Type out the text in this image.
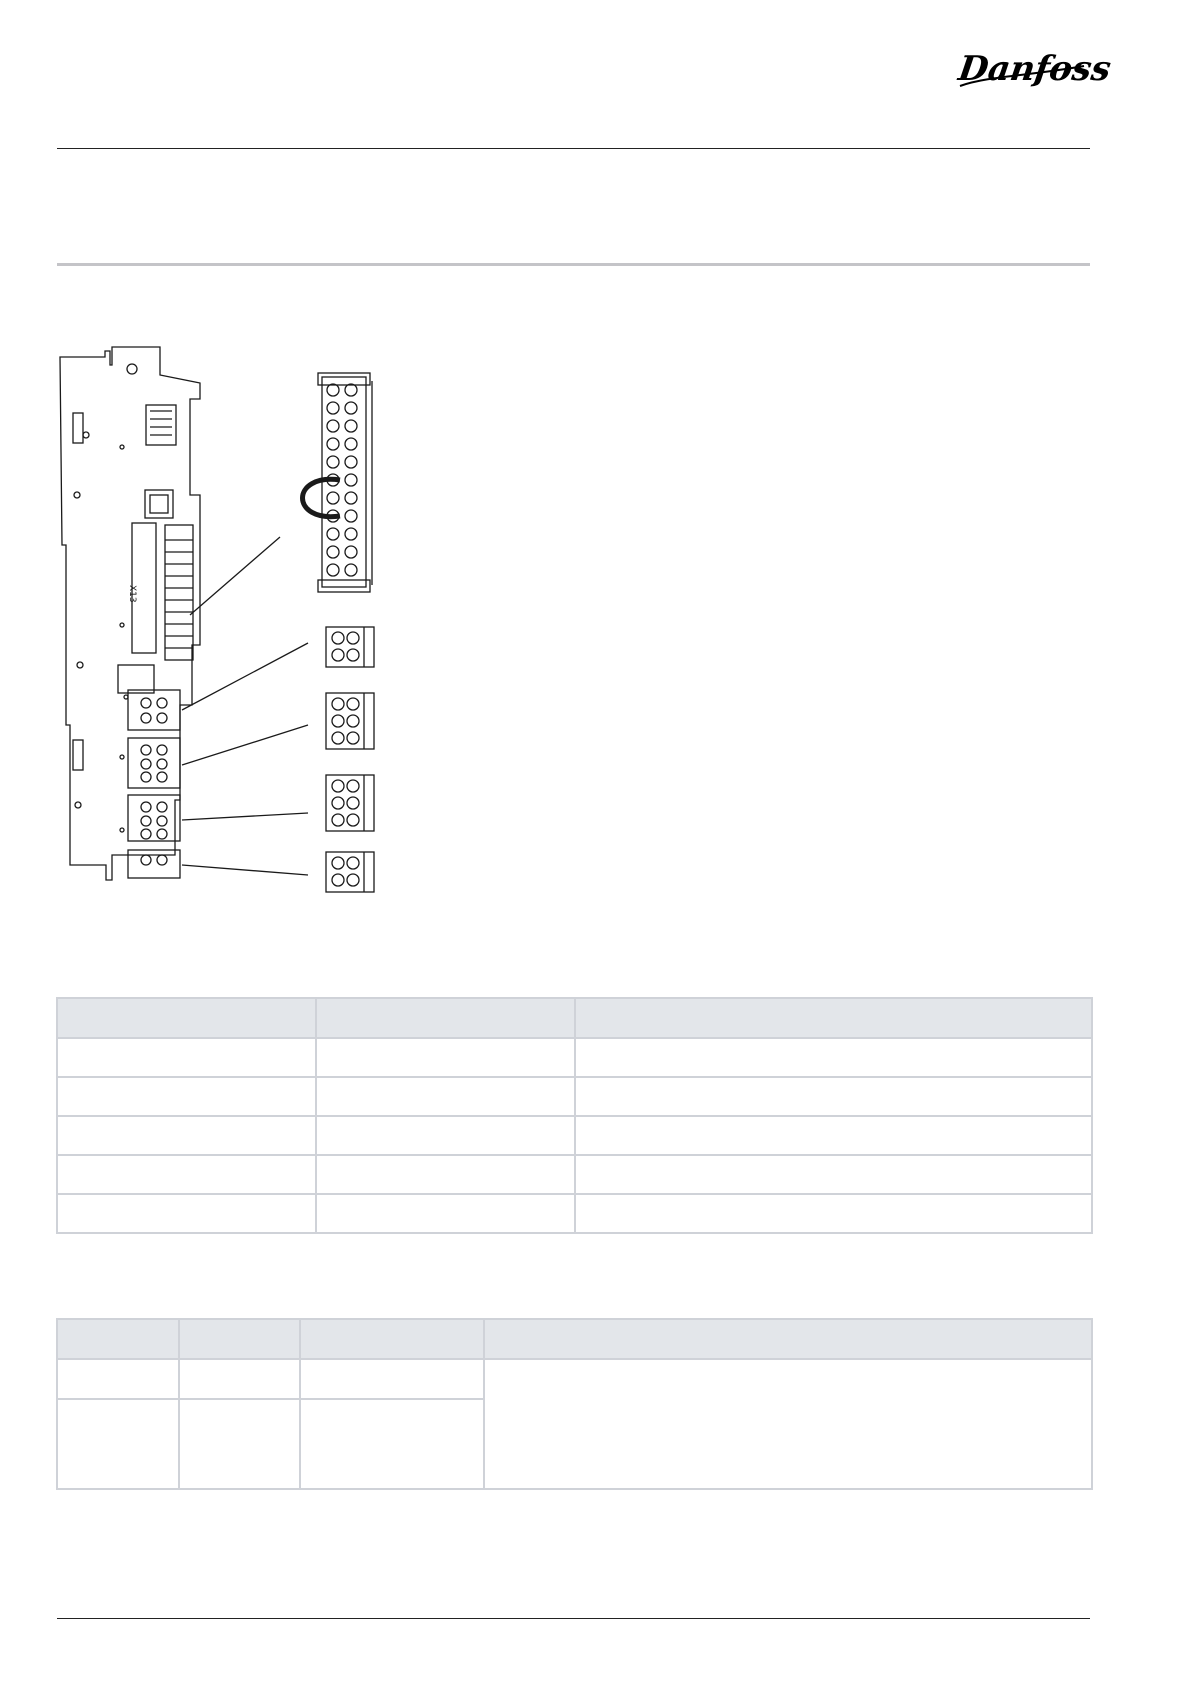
Danfoss
X13
